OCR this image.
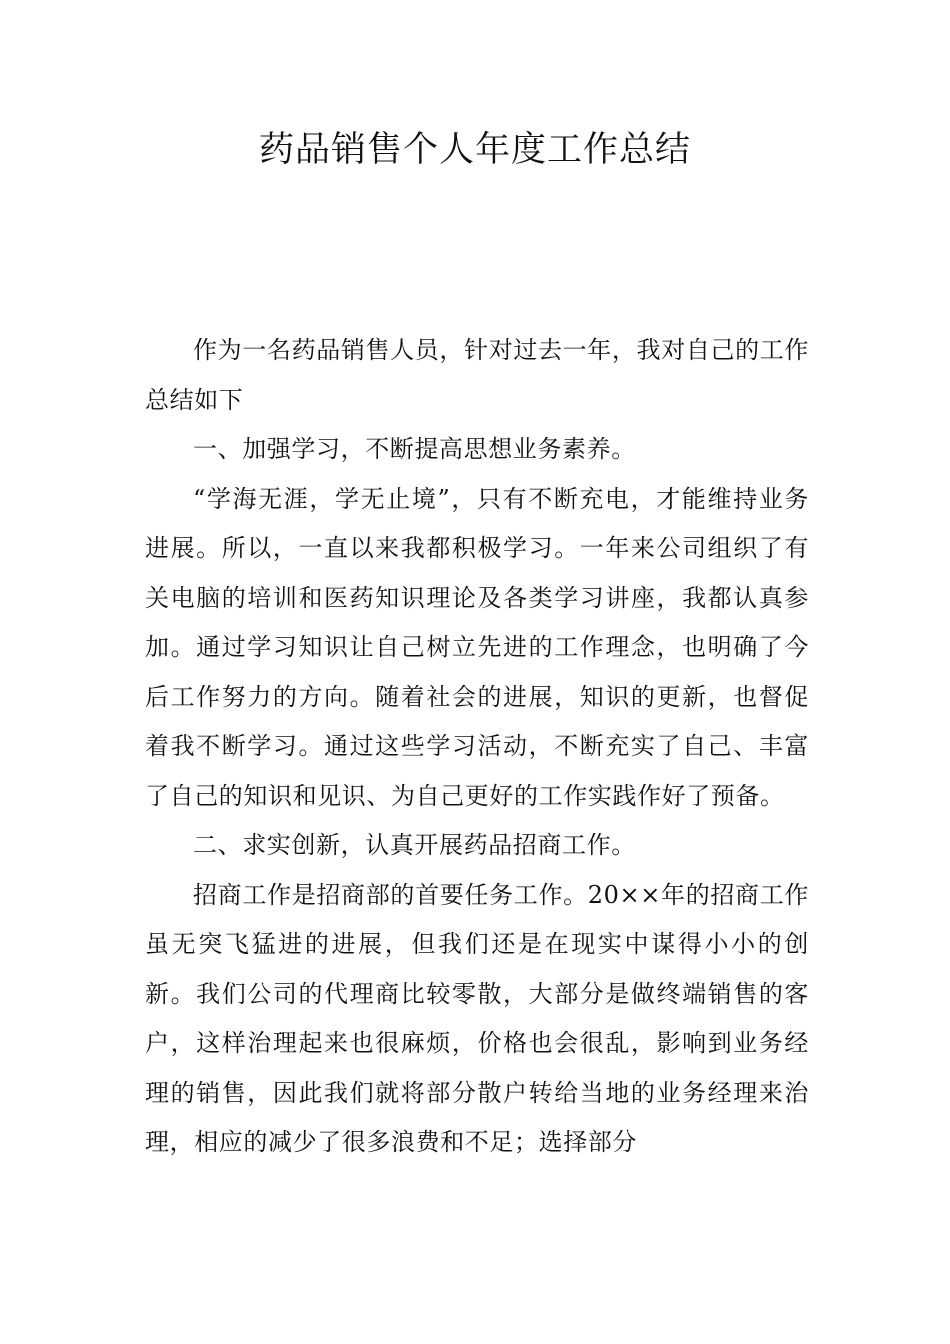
药品销售个人年度工作总结

作为一名药品销售人员，针对过去一年，我对自己的工作总结如下

一、加强学习，不断提高思想业务素养。

“学海无涯，学无止境”，只有不断充电，才能维持业务进展。所以，一直以来我都积极学习。一年来公司组织了有关电脑的培训和医药知识理论及各类学习讲座，我都认真参加。通过学习知识让自己树立先进的工作理念，也明确了今后工作努力的方向。随着社会的进展，知识的更新，也督促着我不断学习。通过这些学习活动，不断充实了自己、丰富了自己的知识和见识、为自己更好的工作实践作好了预备。

二、求实创新，认真开展药品招商工作。

招商工作是招商部的首要任务工作。20××年的招商工作虽无突飞猛进的进展，但我们还是在现实中谋得小小的创新。我们公司的代理商比较零散，大部分是做终端销售的客户，这样治理起来也很麻烦，价格也会很乱，影响到业务经理的销售，因此我们就将部分散户转给当地的业务经理来治理，相应的减少了很多浪费和不足；选择部分
